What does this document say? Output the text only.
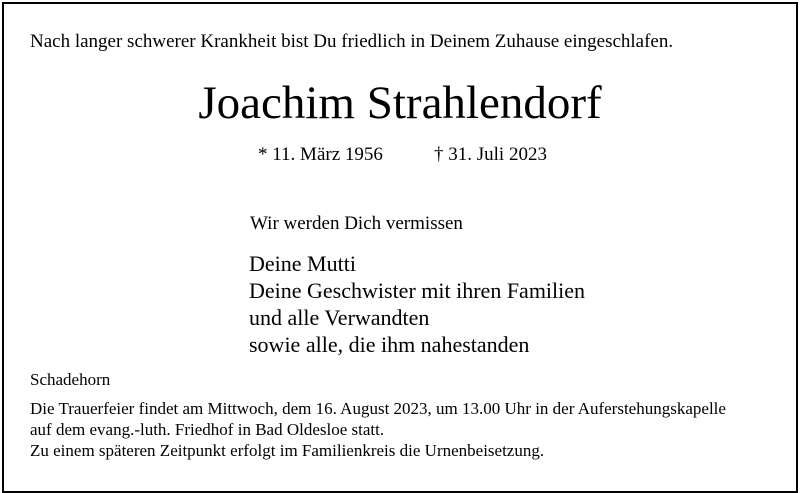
Nach langer schwerer Krankheit bist Du friedlich in Deinem Zuhause eingeschlafen.
Joachim Strahlendorf
* 11. März 1956	† 31. Juli 2023
Wir werden Dich vermissen
Deine Mutti
Deine Geschwister mit ihren Familien
und alle Verwandten
sowie alle, die ihm nahestanden
Schadehorn
Die Trauerfeier findet am Mittwoch, dem 16. August 2023, um 13.00 Uhr in der Auferstehungskapelle
auf dem evang.-luth. Friedhof in Bad Oldesloe statt.
Zu einem späteren Zeitpunkt erfolgt im Familienkreis die Urnenbeisetzung.
